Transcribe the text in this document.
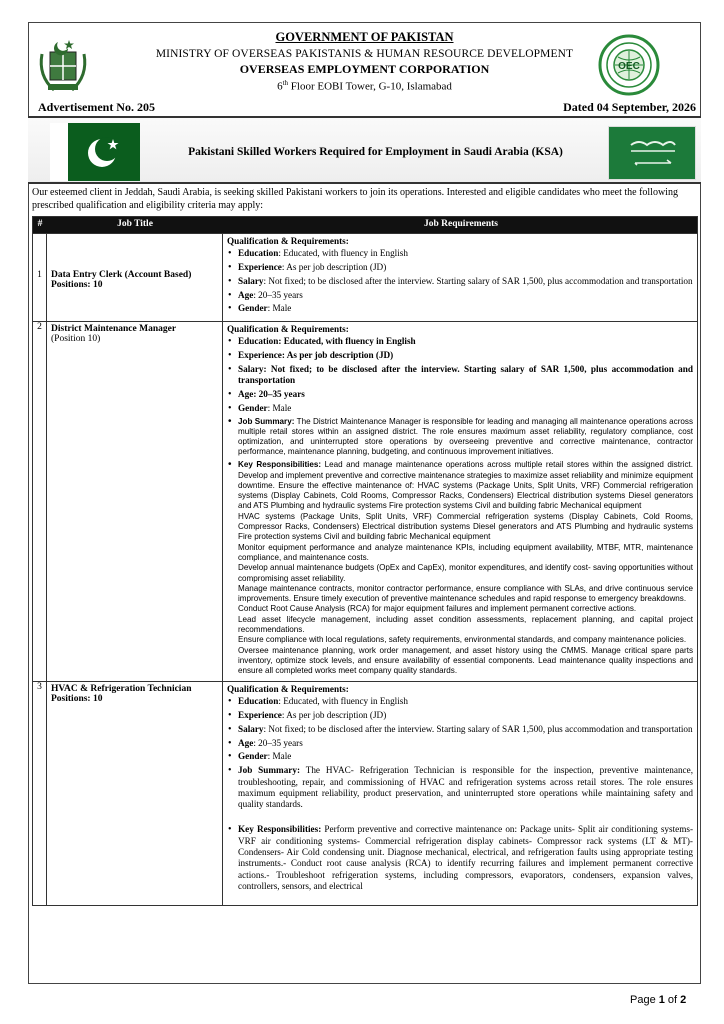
OEC
GOVERNMENT OF PAKISTAN
MINISTRY OF OVERSEAS PAKISTANIS & HUMAN RESOURCE DEVELOPMENT
OVERSEAS EMPLOYMENT CORPORATION
6th Floor EOBI Tower, G-10, Islamabad
Advertisement No. 205	Dated 04 September, 2026
Pakistani Skilled Workers Required for Employment in Saudi Arabia (KSA)
Our esteemed client in Jeddah, Saudi Arabia, is seeking skilled Pakistani workers to join its operations. Interested and eligible candidates who meet the following prescribed qualification and eligibility criteria may apply:
#	Job Title	Job Requirements
1 Data Entry Clerk (Account Based)
Positions: 10
Qualification & Requirements:
• Education: Educated, with fluency in English
• Experience: As per job description (JD)
• Salary: Not fixed; to be disclosed after the interview. Starting salary of SAR 1,500, plus accommodation and transportation
• Age: 20–35 years
• Gender: Male
2 District Maintenance Manager
(Position 10)
Qualification & Requirements:
• Education: Educated, with fluency in English
• Experience: As per job description (JD)
• Salary: Not fixed; to be disclosed after the interview. Starting salary of SAR 1,500, plus accommodation and transportation
• Age: 20–35 years
• Gender: Male
• Job Summary: The District Maintenance Manager is responsible for leading and managing all maintenance operations across multiple retail stores within an assigned district. The role ensures maximum asset reliability, regulatory compliance, cost optimization, and uninterrupted store operations by overseeing preventive and corrective maintenance, contractor performance, maintenance planning, budgeting, and continuous improvement initiatives.

• Key Responsibilities: Lead and manage maintenance operations across multiple retail stores within the assigned district. Develop and implement preventive and corrective maintenance strategies to maximize asset reliability and minimize equipment downtime. Ensure the effective maintenance of: HVAC systems (Package Units, Split Units, VRF) Commercial refrigeration systems (Display Cabinets, Cold Rooms, Compressor Racks, Condensers) Electrical distribution systems Diesel generators and ATS Plumbing and hydraulic systems Fire protection systems Civil and building fabric Mechanical equipment

HVAC systems (Package Units, Split Units, VRF) Commercial refrigeration systems (Display Cabinets, Cold Rooms, Compressor Racks, Condensers) Electrical distribution systems Diesel generators and ATS Plumbing and hydraulic systems Fire protection systems Civil and building fabric Mechanical equipment

Monitor equipment performance and analyze maintenance KPIs, including equipment availability, MTBF, MTR, maintenance compliance, and maintenance costs.

Develop annual maintenance budgets (OpEx and CapEx), monitor expenditures, and identify cost- saving opportunities without compromising asset reliability.

Manage maintenance contracts, monitor contractor performance, ensure compliance with SLAs, and drive continuous service improvements. Ensure timely execution of preventive maintenance schedules and rapid response to emergency breakdowns.

Conduct Root Cause Analysis (RCA) for major equipment failures and implement permanent corrective actions.

Lead asset lifecycle management, including asset condition assessments, replacement planning, and capital project recommendations.

Ensure compliance with local regulations, safety requirements, environmental standards, and company maintenance policies.

Oversee maintenance planning, work order management, and asset history using the CMMS. Manage critical spare parts inventory, optimize stock levels, and ensure availability of essential components. Lead maintenance quality inspections and ensure all completed works meet company quality standards.

3 HVAC & Refrigeration Technician
Positions: 10
Qualification & Requirements:
• Education: Educated, with fluency in English
• Experience: As per job description (JD)
• Salary: Not fixed; to be disclosed after the interview. Starting salary of SAR 1,500, plus accommodation and transportation
• Age: 20–35 years
• Gender: Male
• Job Summary: The HVAC- Refrigeration Technician is responsible for the inspection, preventive maintenance, troubleshooting, repair, and commissioning of HVAC and refrigeration systems across retail stores. The role ensures maximum equipment reliability, product preservation, and uninterrupted store operations while maintaining safety and quality standards.
• Key Responsibilities: Perform preventive and corrective maintenance on: Package units- Split air conditioning systems- VRF air conditioning systems- Commercial refrigeration display cabinets- Compressor rack systems (LT & MT)- Condensers- Air Cold condensing unit. Diagnose mechanical, electrical, and refrigeration faults using appropriate testing instruments.- Conduct root cause analysis (RCA) to identify recurring failures and implement permanent corrective actions.- Troubleshoot refrigeration systems, including compressors, evaporators, condensers, expansion valves, controllers, sensors, and electrical
Page 1 of 2
